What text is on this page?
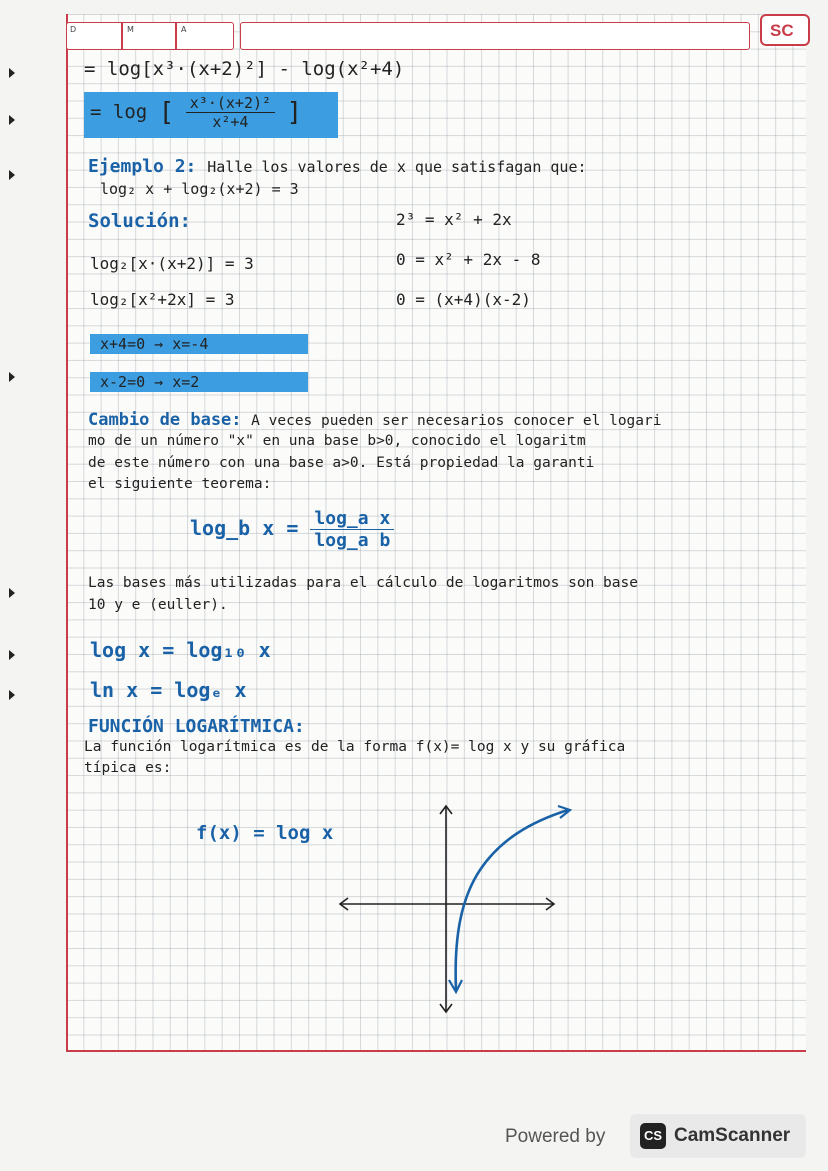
D	M	A	SC
= log[x³·(x+2)²] - log(x²+4)
= log [ $\frac{\text{x³·(x+2)²}}{\text{x²+4}}$ ]
Ejemplo 2: Halle los valores de x que satisfagan que:
log₂ x + log₂(x+2) = 3
Solución:
log₂[x·(x+2)] = 3
log₂[x²+2x] = 3
2³ = x² + 2x
0 = x² + 2x - 8
0 = (x+4)(x-2)
x+4=0 → x=-4
x-2=0 → x=2
Cambio de base: A veces pueden ser necesarios conocer el logari
mo de un número "x" en una base b>0, conocido el logaritm
de este número con una base a>0. Está propiedad la garanti
el siguiente teorema:
log_b $x = \frac{\text{log\_a x}}{\text{log\_a b}}$
Las bases más utilizadas para el cálculo de logaritmos son base
10 y e (euller).
log x = log₁₀ x
ln x = logₑ x
FUNCIÓN LOGARÍTMICA:
La función logarítmica es de la forma f(x)= log x y su gráfica
típica es:
f(x) = log x
Powered by	CS CamScanner
